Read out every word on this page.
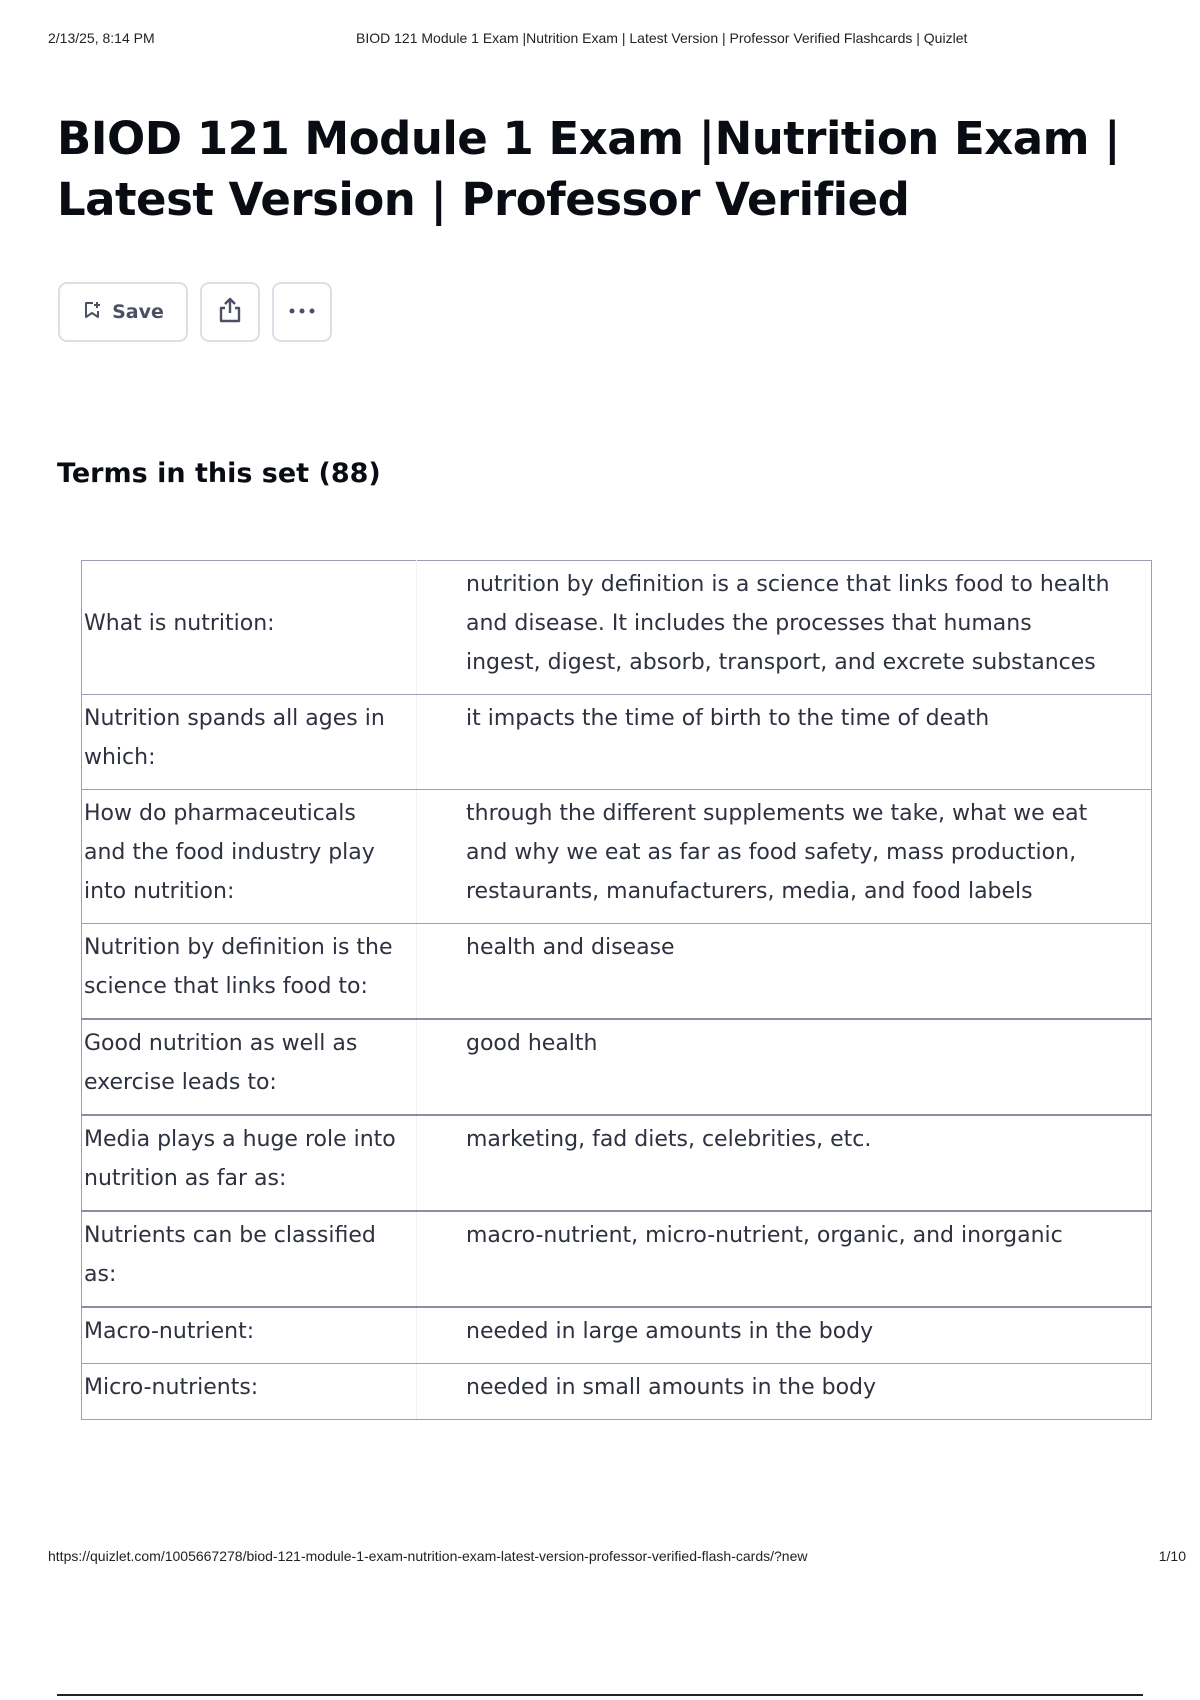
2/13/25, 8:14 PM	BIOD 121 Module 1 Exam |Nutrition Exam | Latest Version | Professor Verified Flashcards | Quizlet
BIOD 121 Module 1 Exam |Nutrition Exam | Latest Version | Professor Verified
Save
Terms in this set (88)
What is nutrition:	nutrition by definition is a science that links food to health and disease. It includes the processes that humans ingest, digest, absorb, transport, and excrete substances
Nutrition spands all ages in which:	it impacts the time of birth to the time of death
How do pharmaceuticals and the food industry play into nutrition:	through the different supplements we take, what we eat and why we eat as far as food safety, mass production, restaurants, manufacturers, media, and food labels
Nutrition by definition is the science that links food to:	health and disease
Good nutrition as well as exercise leads to:	good health
Media plays a huge role into nutrition as far as:	marketing, fad diets, celebrities, etc.
Nutrients can be classified as:	macro-nutrient, micro-nutrient, organic, and inorganic
Macro-nutrient:	needed in large amounts in the body
Micro-nutrients:	needed in small amounts in the body
https://quizlet.com/1005667278/biod-121-module-1-exam-nutrition-exam-latest-version-professor-verified-flash-cards/?new	1/10
